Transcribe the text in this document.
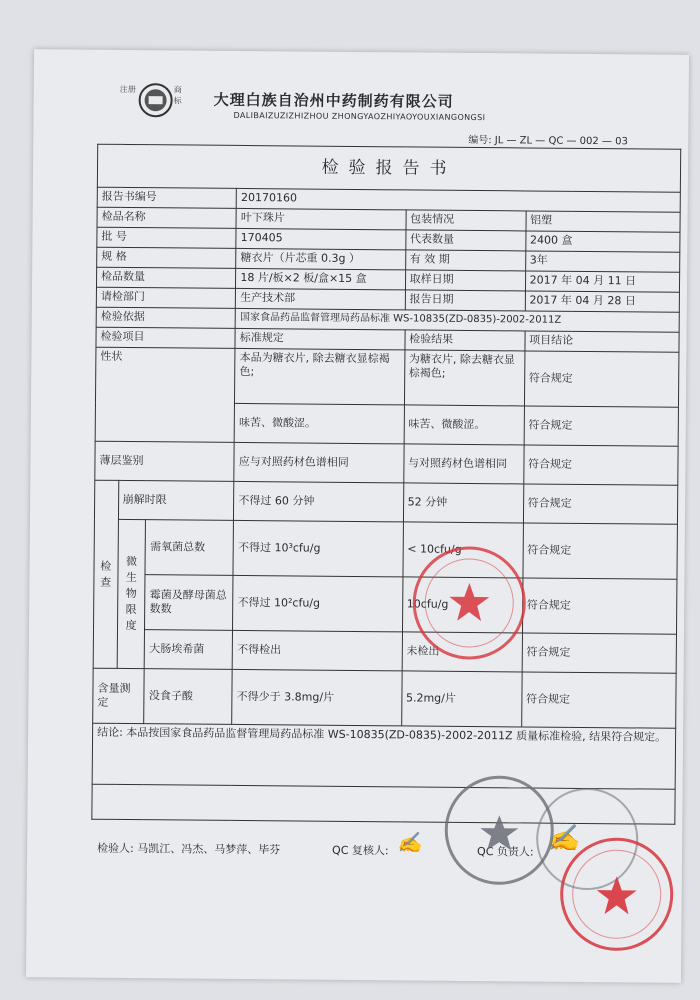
注册	商标 大理白族自治州中药制药有限公司
DALIBAIZUZIZHIZHOU ZHONGYAOZHIYAOYOUXIANGONGSI
编号: JL — ZL — QC — 002 — 03
检验报告书					
报告书编号			20170160		
检品名称			叶下珠片	包装情况	铝塑
批 号			170405	代表数量	2400 盒
规 格			糖衣片（片芯重 0.3g ）	有 效 期	3年
检品数量			18 片/板×2 板/盒×15 盒	取样日期	2017 年 04 月 11 日
请检部门			生产技术部	报告日期	2017 年 04 月 28 日
检验依据			国家食品药品监督管理局药品标准 WS-10835(ZD-0835)-2002-2011Z		
检验项目			标准规定	检验结果	项目结论
性状			本品为糖衣片, 除去糖衣显棕褐色;	为糖衣片, 除去糖衣显棕褐色;	符合规定
			味苦、微酸涩。	味苦、微酸涩。	符合规定
薄层鉴别			应与对照药材色谱相同	与对照药材色谱相同	符合规定

检查	崩解时限		不得过 60 分钟	52 分钟	符合规定

	微生物限度	需氧菌总数	不得过 10³cfu/g	< 10cfu/g	符合规定
		霉菌及酵母菌总数数	不得过 10²cfu/g	10cfu/g	符合规定
		大肠埃希菌	不得检出	未检出	符合规定
含量测定		没食子酸	不得少于 3.8mg/片	5.2mg/片	符合规定
结论: 本品按国家食品药品监督管理局药品标准 WS-10835(ZD-0835)-2002-2011Z 质量标准检验, 结果符合规定。					

检验人: 马凯江、冯杰、马梦萍、毕芬	QC 复核人: ✍	QC 负责人: ✍
